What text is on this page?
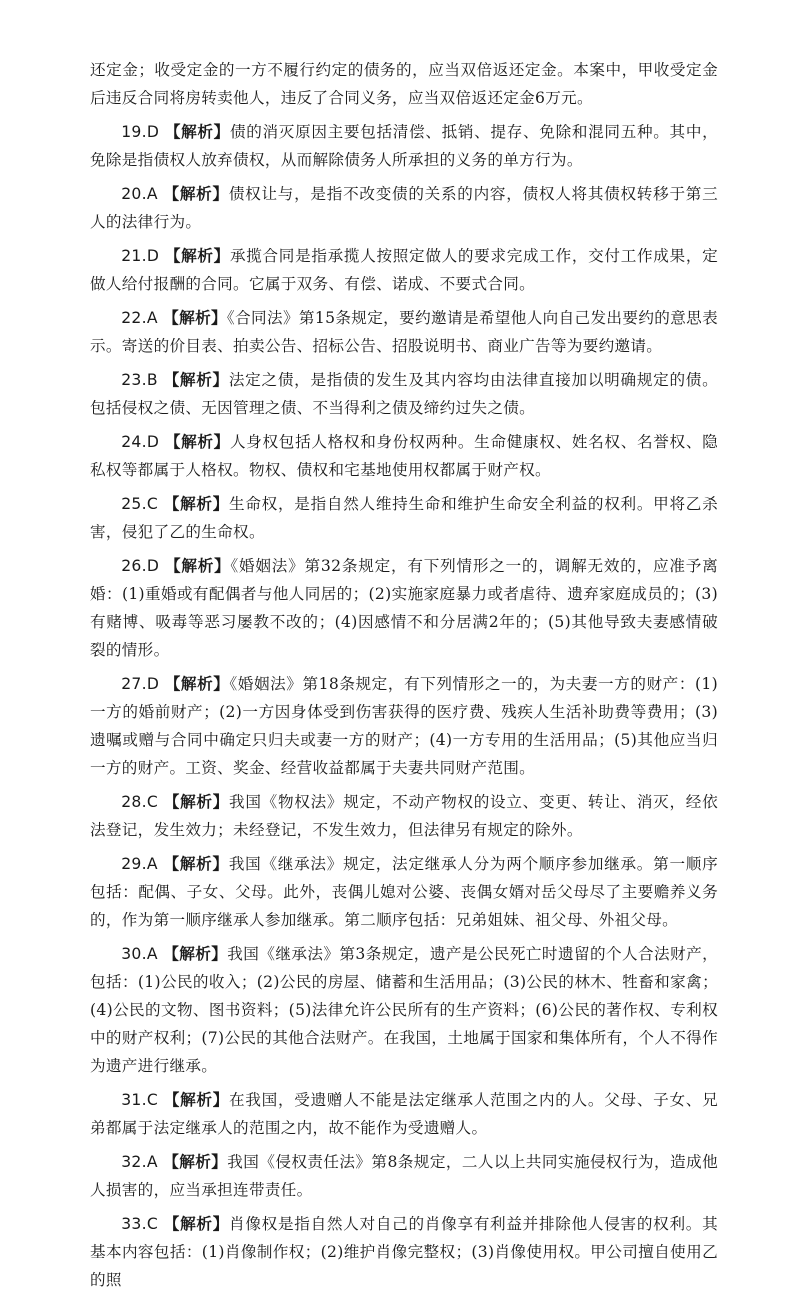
还定金；收受定金的一方不履行约定的债务的，应当双倍返还定金。本案中，甲收受定金后违反合同将房转卖他人，违反了合同义务，应当双倍返还定金6万元。

19.D 【解析】债的消灭原因主要包括清偿、抵销、提存、免除和混同五种。其中，免除是指债权人放弃债权，从而解除债务人所承担的义务的单方行为。

20.A 【解析】债权让与，是指不改变债的关系的内容，债权人将其债权转移于第三人的法律行为。

21.D 【解析】承揽合同是指承揽人按照定做人的要求完成工作，交付工作成果，定做人给付报酬的合同。它属于双务、有偿、诺成、不要式合同。

22.A 【解析】《合同法》第15条规定，要约邀请是希望他人向自己发出要约的意思表示。寄送的价目表、拍卖公告、招标公告、招股说明书、商业广告等为要约邀请。

23.B 【解析】法定之债，是指债的发生及其内容均由法律直接加以明确规定的债。包括侵权之债、无因管理之债、不当得利之债及缔约过失之债。

24.D 【解析】人身权包括人格权和身份权两种。生命健康权、姓名权、名誉权、隐私权等都属于人格权。物权、债权和宅基地使用权都属于财产权。

25.C 【解析】生命权，是指自然人维持生命和维护生命安全利益的权利。甲将乙杀害，侵犯了乙的生命权。

26.D 【解析】《婚姻法》第32条规定，有下列情形之一的，调解无效的，应准予离婚：(1)重婚或有配偶者与他人同居的；(2)实施家庭暴力或者虐待、遗弃家庭成员的；(3)有赌博、吸毒等恶习屡教不改的；(4)因感情不和分居满2年的；(5)其他导致夫妻感情破裂的情形。

27.D 【解析】《婚姻法》第18条规定，有下列情形之一的，为夫妻一方的财产：(1)一方的婚前财产；(2)一方因身体受到伤害获得的医疗费、残疾人生活补助费等费用；(3)遗嘱或赠与合同中确定只归夫或妻一方的财产；(4)一方专用的生活用品；(5)其他应当归一方的财产。工资、奖金、经营收益都属于夫妻共同财产范围。

28.C 【解析】我国《物权法》规定，不动产物权的设立、变更、转让、消灭，经依法登记，发生效力；未经登记，不发生效力，但法律另有规定的除外。

29.A 【解析】我国《继承法》规定，法定继承人分为两个顺序参加继承。第一顺序包括：配偶、子女、父母。此外，丧偶儿媳对公婆、丧偶女婿对岳父母尽了主要赡养义务的，作为第一顺序继承人参加继承。第二顺序包括：兄弟姐妹、祖父母、外祖父母。

30.A 【解析】我国《继承法》第3条规定，遗产是公民死亡时遗留的个人合法财产，包括：(1)公民的收入；(2)公民的房屋、储蓄和生活用品；(3)公民的林木、牲畜和家禽；(4)公民的文物、图书资料；(5)法律允许公民所有的生产资料；(6)公民的著作权、专利权中的财产权利；(7)公民的其他合法财产。在我国，土地属于国家和集体所有，个人不得作为遗产进行继承。

31.C 【解析】在我国，受遗赠人不能是法定继承人范围之内的人。父母、子女、兄弟都属于法定继承人的范围之内，故不能作为受遗赠人。

32.A 【解析】我国《侵权责任法》第8条规定，二人以上共同实施侵权行为，造成他人损害的，应当承担连带责任。

33.C 【解析】肖像权是指自然人对自己的肖像享有利益并排除他人侵害的权利。其基本内容包括：(1)肖像制作权；(2)维护肖像完整权；(3)肖像使用权。甲公司擅自使用乙的照
